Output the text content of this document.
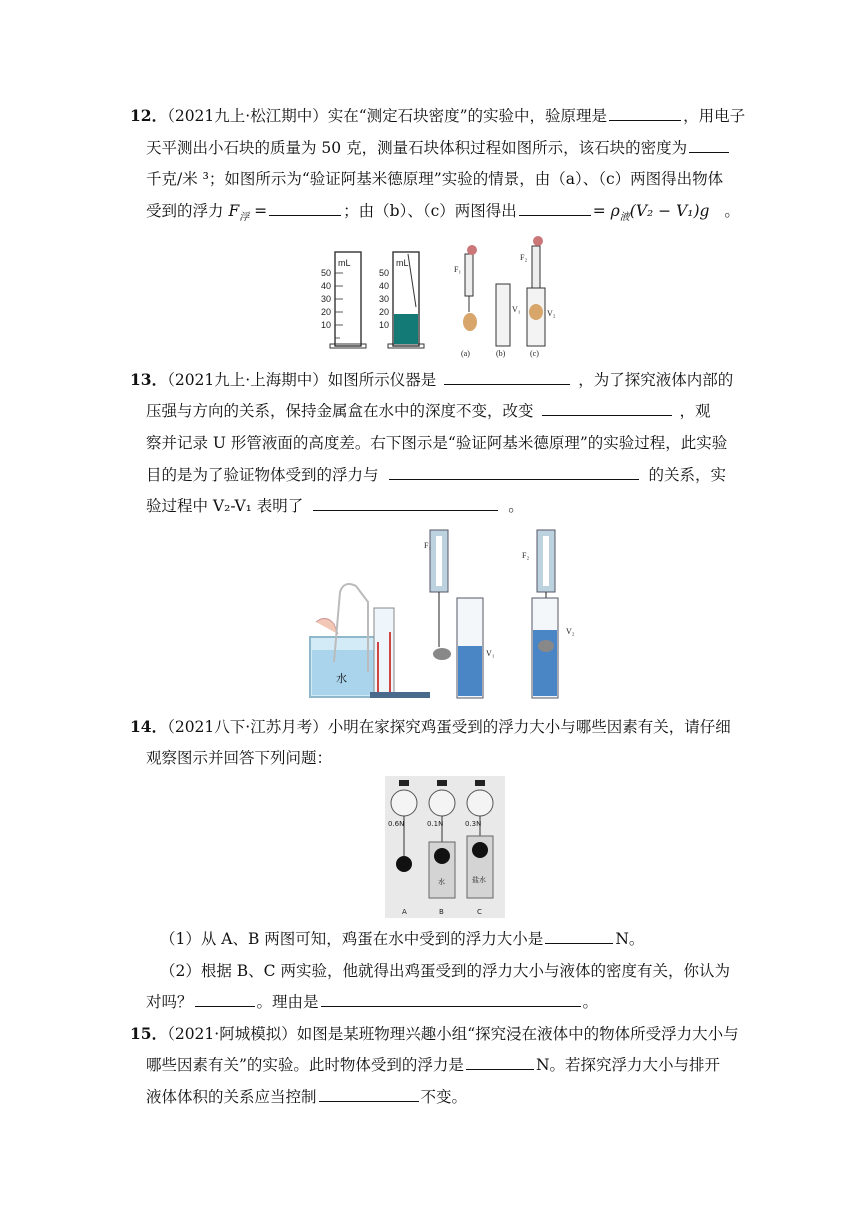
12．（2021九上·松江期中）实在“测定石块密度”的实验中，验原理是	，用电子
天平测出小石块的质量为 50 克，测量石块体积过程如图所示，该石块的密度为
千克/米 ³；如图所示为“验证阿基米德原理”实验的情景，由（a）、（c）两图得出物体
受到的浮力 $F_浮$ =	；由（b）、（c）两图得出	= $\rho_液(V_2 - V_1)g$ 。
mL
50
40
30
20
10
mL
50
40
30
20
10
F₁
(a)
V₁
(b)
F₂
V₂
(c)
13．（2021九上·上海期中）如图所示仪器是	，为了探究液体内部的
压强与方向的关系，保持金属盒在水中的深度不变，改变	，观
察并记录 U 形管液面的高度差。右下图示是“验证阿基米德原理”的实验过程，此实验
目的是为了验证物体受到的浮力与	的关系，实
验过程中 V₂-V₁ 表明了	。
水
F₁
V₁
F₂
V₂
14．（2021八下·江苏月考）小明在家探究鸡蛋受到的浮力大小与哪些因素有关，请仔细
观察图示并回答下列问题：
0.6N
A
0.1N
水
B
0.3N
盐水
C
（1）从 A、B 两图可知，鸡蛋在水中受到的浮力大小是	N。
（2）根据 B、C 两实验，他就得出鸡蛋受到的浮力大小与液体的密度有关，你认为
对吗？	。理由是	。
15．（2021·阿城模拟）如图是某班物理兴趣小组“探究浸在液体中的物体所受浮力大小与
哪些因素有关”的实验。此时物体受到的浮力是	N。若探究浮力大小与排开
液体体积的关系应当控制	不变。
